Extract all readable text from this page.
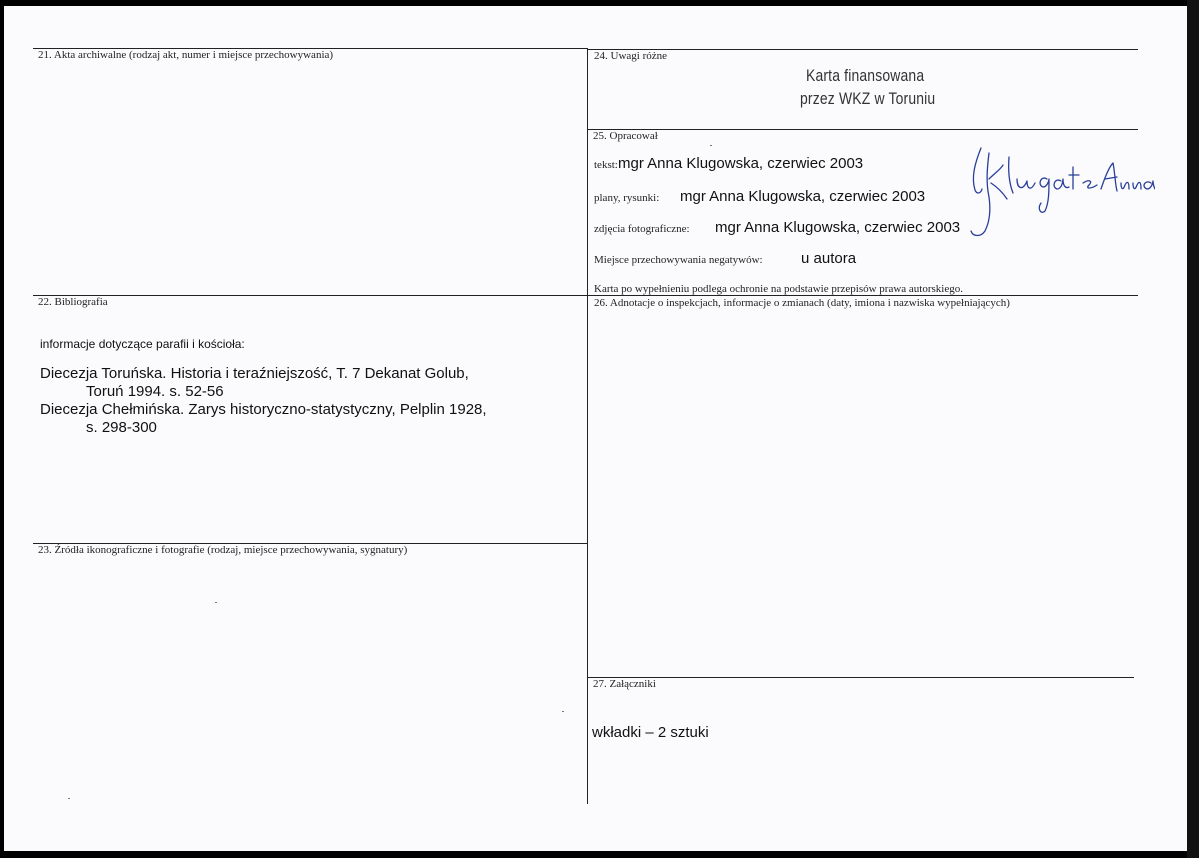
21. Akta archiwalne (rodzaj akt, numer i miejsce przechowywania)	24. Uwagi różne
Karta finansowana
przez WKZ w Toruniu
25. Opracował
tekst: mgr Anna Klugowska, czerwiec 2003
plany, rysunki: mgr Anna Klugowska, czerwiec 2003
zdjęcia fotograficzne: mgr Anna Klugowska, czerwiec 2003
Miejsce przechowywania negatywów:	u autora
Karta po wypełnieniu podlega ochronie na podstawie przepisów prawa autorskiego.
22. Bibliografia
informacje dotyczące parafii i kościoła:
Diecezja Toruńska. Historia i teraźniejszość, T. 7 Dekanat Golub,
Toruń 1994. s. 52-56
Diecezja Chełmińska. Zarys historyczno-statystyczny, Pelplin 1928,
s. 298-300
26. Adnotacje o inspekcjach, informacje o zmianach (daty, imiona i nazwiska wypełniających)
23. Źródła ikonograficzne i fotografie (rodzaj, miejsce przechowywania, sygnatury)
27. Załączniki
wkładki – 2 sztuki
